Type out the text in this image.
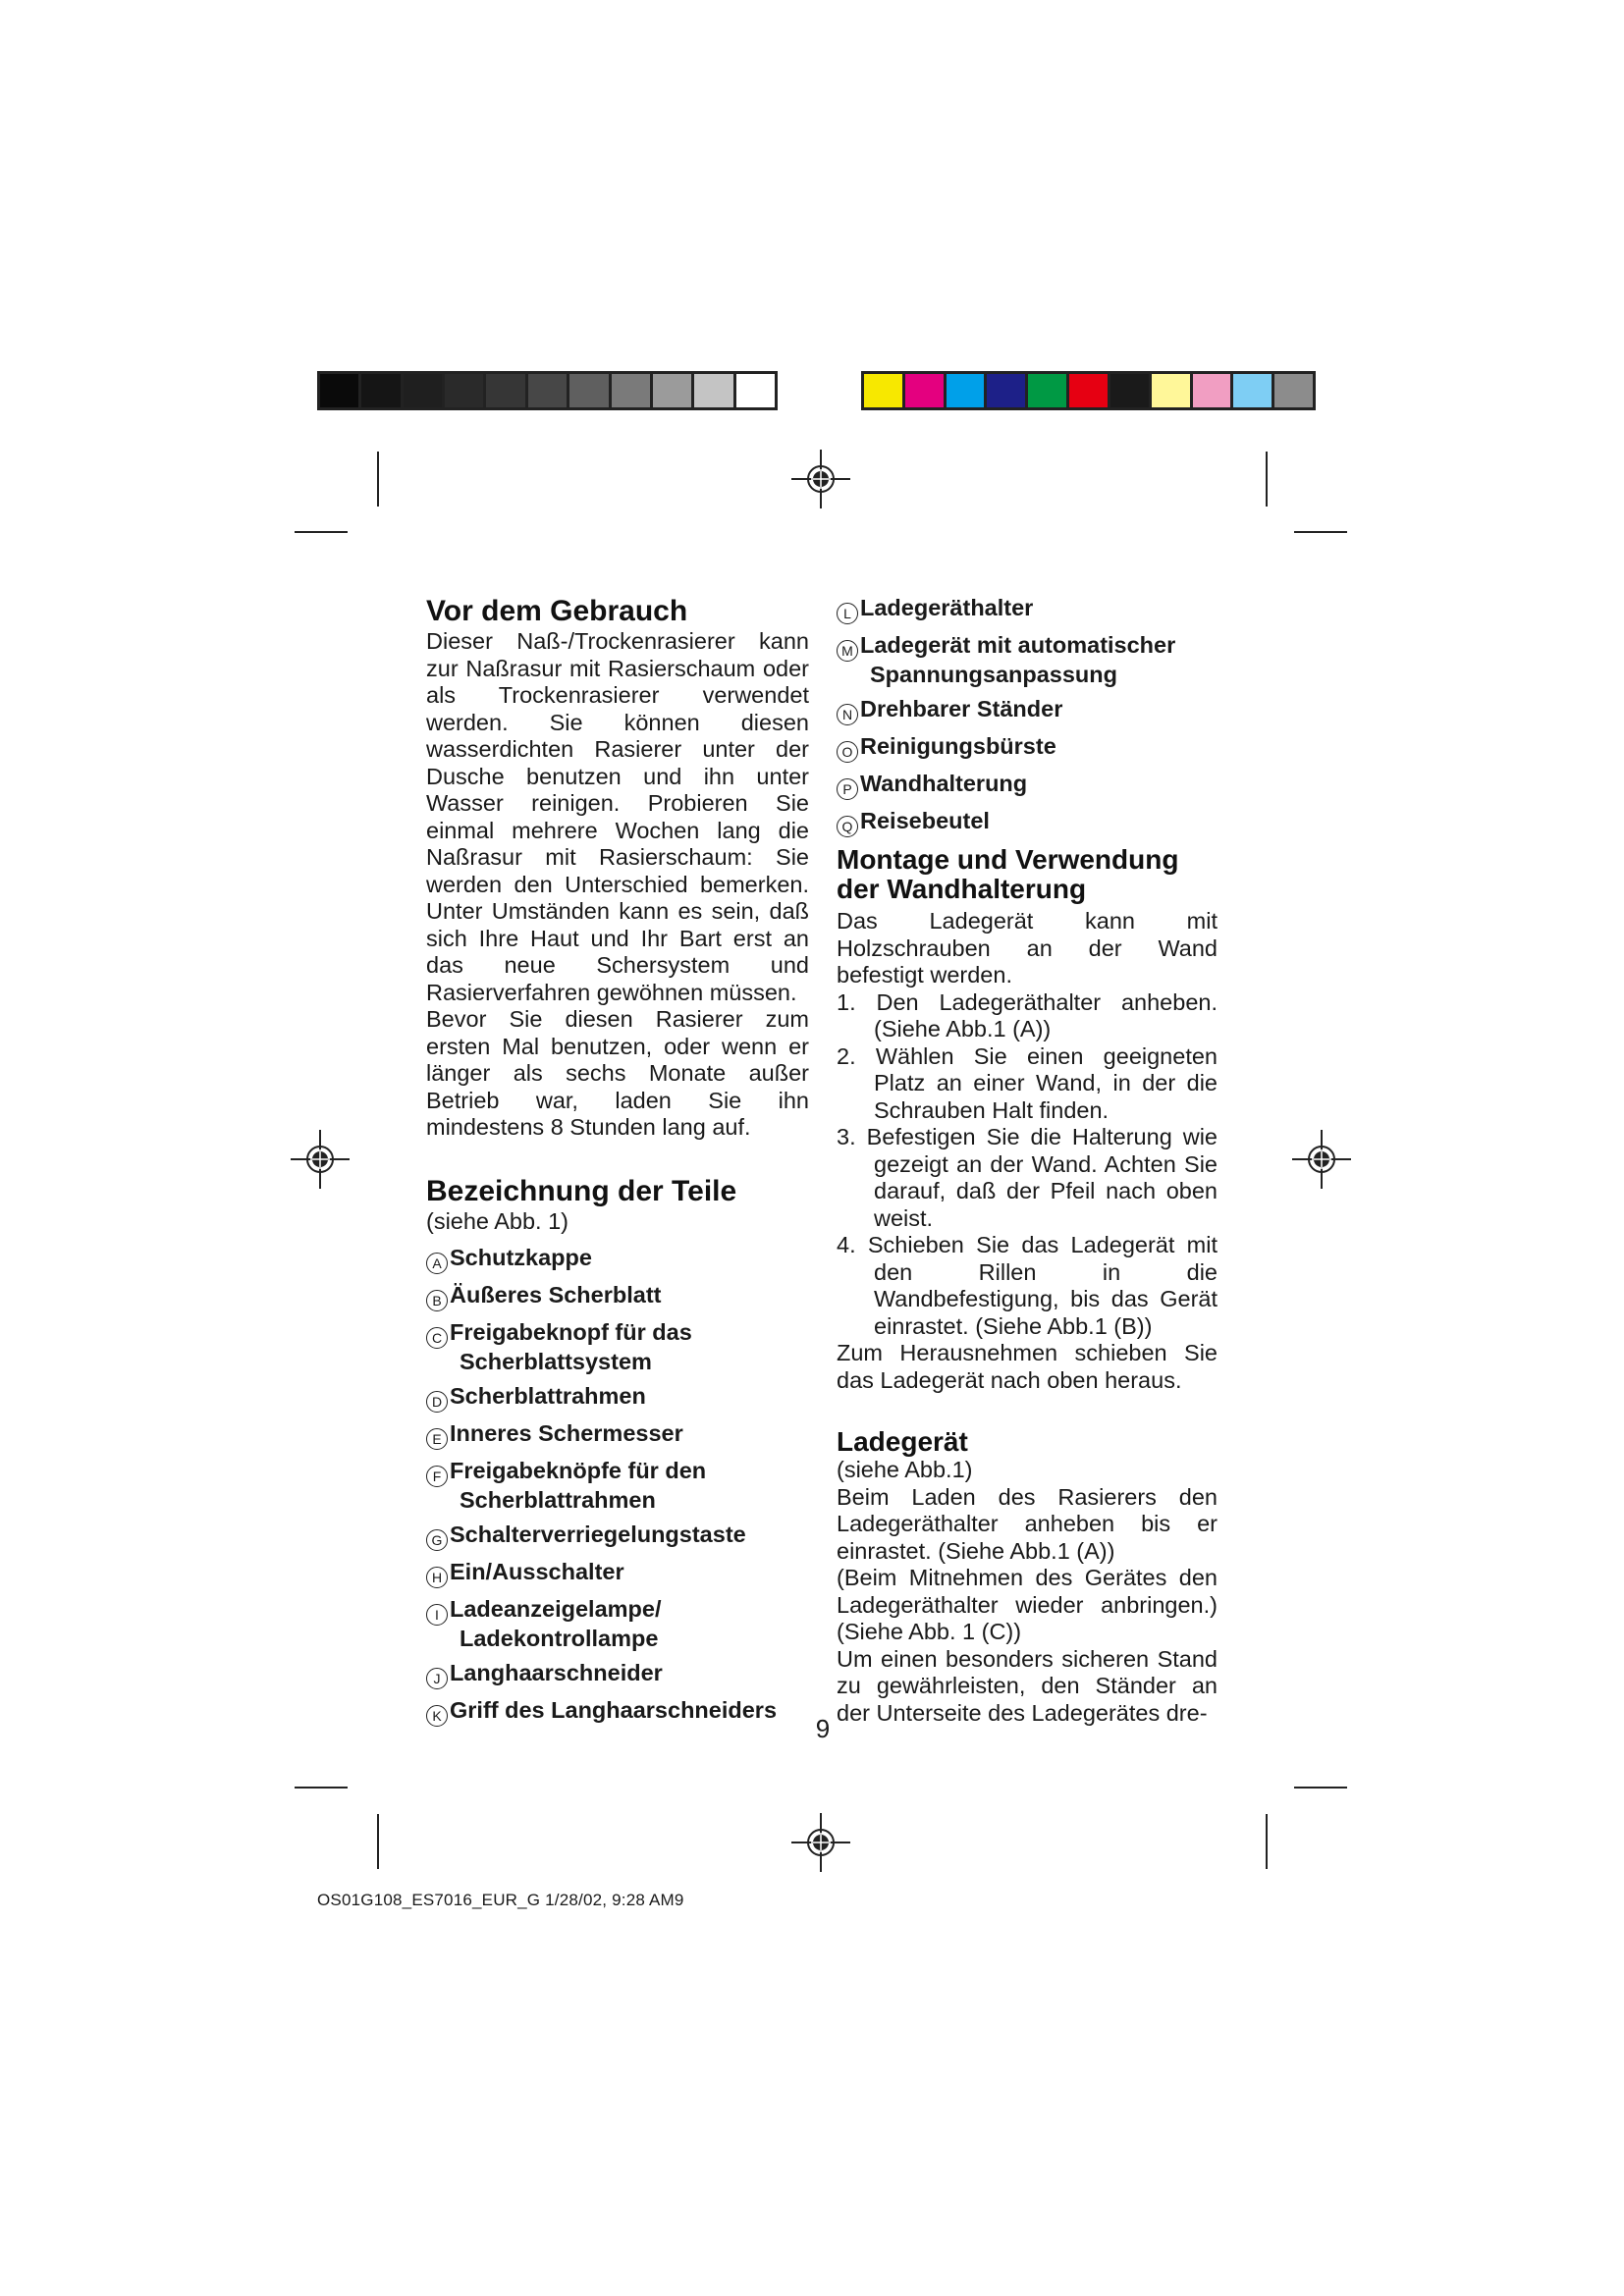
Vor dem Gebrauch

Dieser Naß-/Trockenrasierer kann zur Naßrasur mit Rasierschaum oder als Trockenrasierer verwendet werden. Sie können diesen wasserdichten Rasierer unter der Dusche benutzen und ihn unter Wasser reinigen. Probieren Sie einmal mehrere Wochen lang die Naßrasur mit Rasierschaum: Sie werden den Unterschied bemerken. Unter Umständen kann es sein, daß sich Ihre Haut und Ihr Bart erst an das neue Schersystem und Rasierverfahren gewöhnen müssen.

Bevor Sie diesen Rasierer zum ersten Mal benutzen, oder wenn er länger als sechs Monate außer Betrieb war, laden Sie ihn mindestens 8 Stunden lang auf.

Bezeichnung der Teile

(siehe Abb. 1)

A Schutzkappe
B Äußeres Scherblatt
C Freigabeknopf für das Scherblattsystem
D Scherblattrahmen
E Inneres Schermesser
F Freigabeknöpfe für den Scherblattrahmen
G Schalterverriegelungstaste
H Ein/Ausschalter
I Ladeanzeigelampe/ Ladekontrollampe
J Langhaarschneider
K Griff des Langhaarschneiders
L Ladegeräthalter
M Ladegerät mit automatischer Spannungsanpassung
N Drehbarer Ständer
O Reinigungsbürste
P Wandhalterung
Q Reisebeutel
Montage und Verwendung der Wandhalterung

Das Ladegerät kann mit Holzschrauben an der Wand befestigt werden.

1. Den Ladegeräthalter anheben. (Siehe Abb.1 (A))
2. Wählen Sie einen geeigneten Platz an einer Wand, in der die Schrauben Halt finden.
3. Befestigen Sie die Halterung wie gezeigt an der Wand. Achten Sie darauf, daß der Pfeil nach oben weist.
4. Schieben Sie das Ladegerät mit den Rillen in die Wandbefestigung, bis das Gerät einrastet. (Siehe Abb.1 (B))

Zum Herausnehmen schieben Sie das Ladegerät nach oben heraus.

Ladegerät

(siehe Abb.1)

Beim Laden des Rasierers den Ladegeräthalter anheben bis er einrastet. (Siehe Abb.1 (A))

(Beim Mitnehmen des Gerätes den Ladegeräthalter wieder anbringen.) (Siehe Abb. 1 (C))

Um einen besonders sicheren Stand zu gewährleisten, den Ständer an der Unterseite des Ladegerätes dre-

9
OS01G108_ES7016_EUR_G 1/28/02, 9:28 AM9
